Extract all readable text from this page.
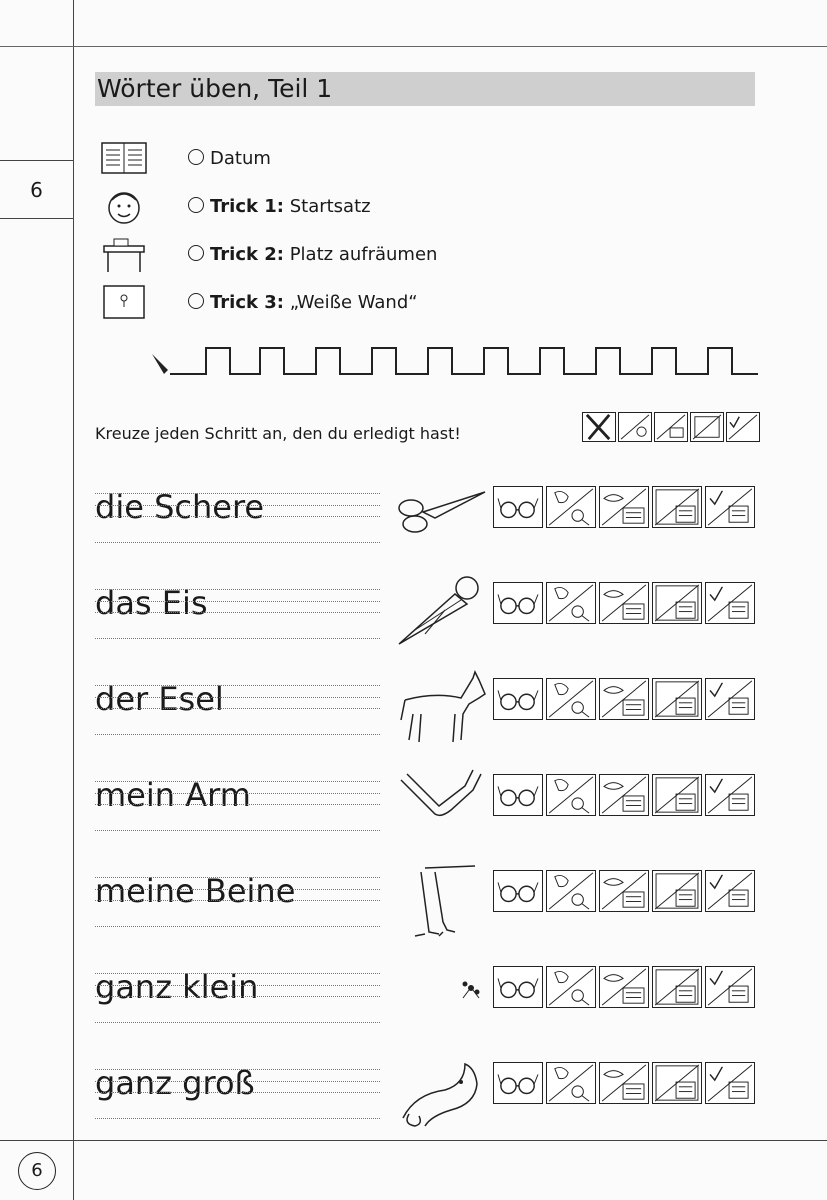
6
6
Wörter üben, Teil 1
Datum
Trick 1: Startsatz
Trick 2: Platz aufräumen
Trick 3: „Weiße Wand“
Kreuze jeden Schritt an, den du erledigt hast!
die Schere
das Eis
der Esel
mein Arm
meine Beine
ganz klein
ganz groß
